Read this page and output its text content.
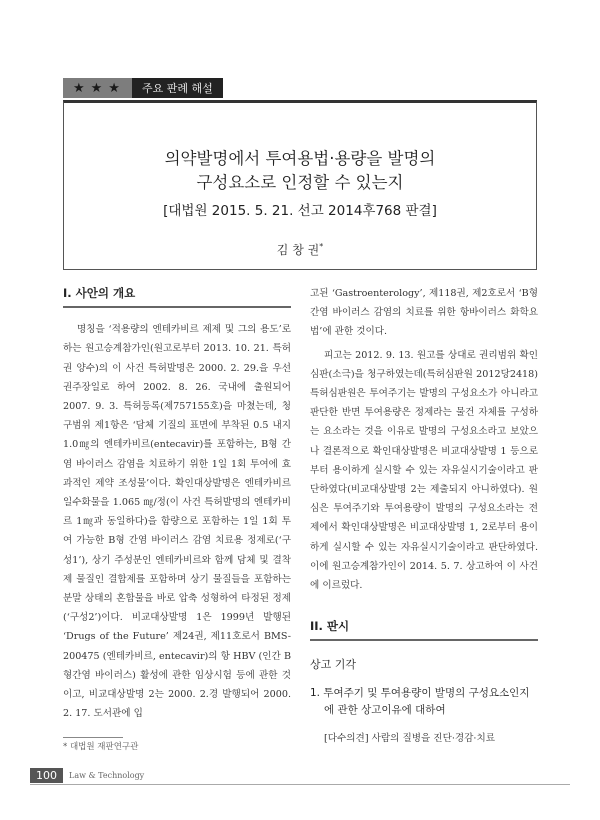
★★★	주요 판례 해설
의약발명에서 투여용법·용량을 발명의
구성요소로 인정할 수 있는지
[대법원 2015. 5. 21. 선고 2014후768 판결]
김 창 권*
I. 사안의 개요

명칭을 ‘적용량의 엔테카비르 제제 및 그의 용도’로 하는 원고승계참가인(원고로부터 2013. 10. 21. 특허권 양수)의 이 사건 특허발명은 2000. 2. 29.을 우선권주장일로 하여 2002. 8. 26. 국내에 출원되어 2007. 9. 3. 특허등록(제757155호)을 마쳤는데, 청구범위 제1항은 ‘담체 기질의 표면에 부착된 0.5 내지 1.0㎎의 엔테카비르(entecavir)를 포함하는, B형 간염 바이러스 감염을 치료하기 위한 1일 1회 투여에 효과적인 제약 조성물’이다. 확인대상발명은 엔테카비르 일수화물을 1.065 ㎎/정(이 사건 특허발명의 엔테카비르 1㎎과 동일하다)을 함량으로 포함하는 1일 1회 투여 가능한 B형 간염 바이러스 감염 치료용 정제로(‘구성1’), 상기 주성분인 엔테카비르와 함께 담체 및 결착제 물질인 결합제를 포함하며 상기 물질들을 포함하는 분말 상태의 혼합물을 바로 압축 성형하여 타정된 정제(‘구성2’)이다. 비교대상발명 1은 1999년 발행된 ‘Drugs of the Future’ 제24권, 제11호로서 BMS-200475 (엔테카비르, entecavir)의 항 HBV (인간 B형간염 바이러스) 활성에 관한 임상시험 등에 관한 것이고, 비교대상발명 2는 2000. 2.경 발행되어 2000. 2. 17. 도서관에 입

고된 ‘Gastroenterology’, 제118권, 제2호로서 ‘B형 간염 바이러스 감염의 치료를 위한 항바이러스 화학요법’에 관한 것이다.

피고는 2012. 9. 13. 원고를 상대로 권리범위 확인심판(소극)을 청구하였는데(특허심판원 2012당2418) 특허심판원은 투여주기는 발명의 구성요소가 아니라고 판단한 반면 투여용량은 정제라는 물건 자체를 구성하는 요소라는 것을 이유로 발명의 구성요소라고 보았으나 결론적으로 확인대상발명은 비교대상발명 1 등으로부터 용이하게 실시할 수 있는 자유실시기술이라고 판단하였다(비교대상발명 2는 제출되지 아니하였다). 원심은 투여주기와 투여용량이 발명의 구성요소라는 전제에서 확인대상발명은 비교대상발명 1, 2로부터 용이하게 실시할 수 있는 자유실시기술이라고 판단하였다. 이에 원고승계참가인이 2014. 5. 7. 상고하여 이 사건에 이르렀다.

II. 판시
상고 기각
1. 투여주기 및 투여용량이 발명의 구성요소인지에 관한 상고이유에 대하여

[다수의견] 사람의 질병을 진단·경감·치료

* 대법원 재판연구관
100	Law & Technology
